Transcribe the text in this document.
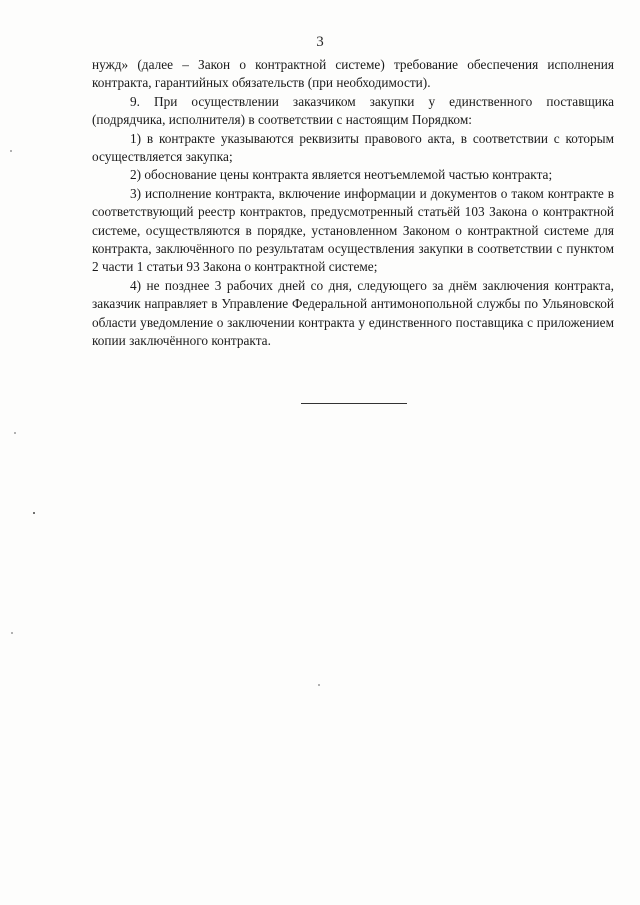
3

нужд» (далее – Закон о контрактной системе) требование обеспечения исполнения контракта, гарантийных обязательств (при необходимости).

9. При осуществлении заказчиком закупки у единственного поставщика (подрядчика, исполнителя) в соответствии с настоящим Порядком:

1) в контракте указываются реквизиты правового акта, в соответствии с которым осуществляется закупка;

2) обоснование цены контракта является неотъемлемой частью контракта;

3) исполнение контракта, включение информации и документов о таком контракте в соответствующий реестр контрактов, предусмотренный статьёй 103 Закона о контрактной системе, осуществляются в порядке, установленном Законом о контрактной системе для контракта, заключённого по результатам осуществления закупки в соответствии с пунктом 2 части 1 статьи 93 Закона о контрактной системе;

4) не позднее 3 рабочих дней со дня, следующего за днём заключения контракта, заказчик направляет в Управление Федеральной антимонопольной службы по Ульяновской области уведомление о заключении контракта у единственного поставщика с приложением копии заключённого контракта.
